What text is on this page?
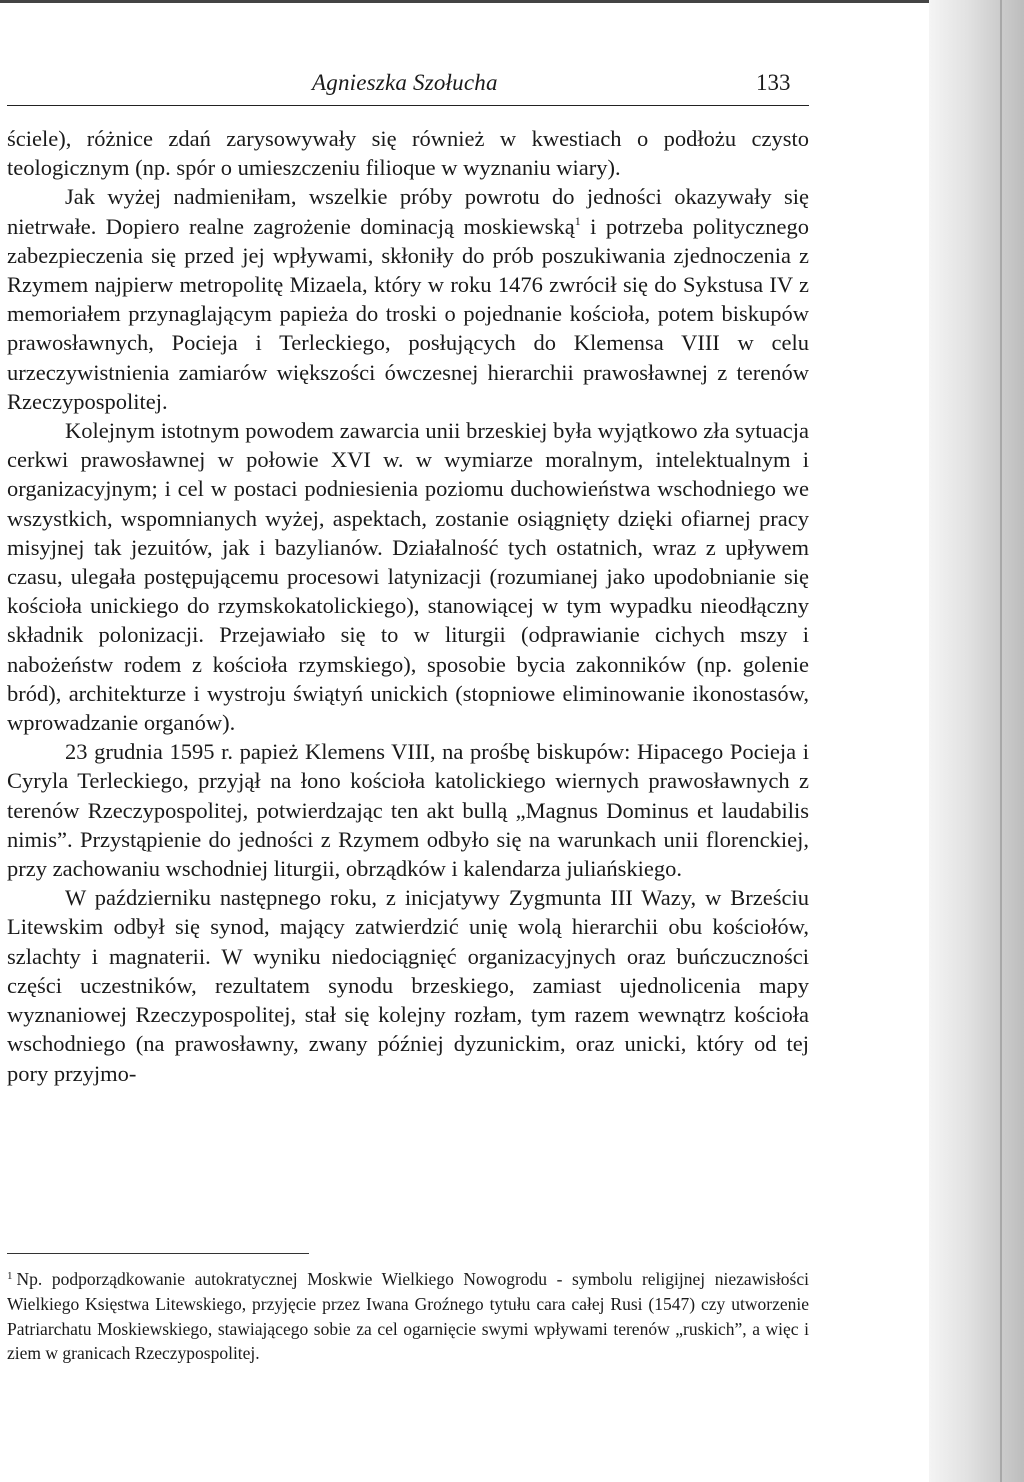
Agnieszka Szołucha	133

ściele), różnice zdań zarysowywały się również w kwestiach o podłożu czysto teologicznym (np. spór o umieszczeniu filioque w wyznaniu wiary).

Jak wyżej nadmieniłam, wszelkie próby powrotu do jedności okazywały się nietrwałe. Dopiero realne zagrożenie dominacją moskiewską$^1$ i potrzeba politycznego zabezpieczenia się przed jej wpływami, skłoniły do prób poszukiwania zjednoczenia z Rzymem najpierw metropolitę Mizaela, który w roku 1476 zwrócił się do Sykstusa IV z memoriałem przynaglającym papieża do troski o pojednanie kościoła, potem biskupów prawosławnych, Pocieja i Terleckiego, posłujących do Klemensa VIII w celu urzeczywistnienia zamiarów większości ówczesnej hierarchii prawosławnej z terenów Rzeczypospolitej.

Kolejnym istotnym powodem zawarcia unii brzeskiej była wyjątkowo zła sytuacja cerkwi prawosławnej w połowie XVI w. w wymiarze moralnym, intelektualnym i organizacyjnym; i cel w postaci podniesienia poziomu duchowieństwa wschodniego we wszystkich, wspomnianych wyżej, aspektach, zostanie osiągnięty dzięki ofiarnej pracy misyjnej tak jezuitów, jak i bazylianów. Działalność tych ostatnich, wraz z upływem czasu, ulegała postępującemu procesowi latynizacji (rozumianej jako upodobnianie się kościoła unickiego do rzymskokatolickiego), stanowiącej w tym wypadku nieodłączny składnik polonizacji. Przejawiało się to w liturgii (odprawianie cichych mszy i nabożeństw rodem z kościoła rzymskiego), sposobie bycia zakonników (np. golenie bród), architekturze i wystroju świątyń unickich (stopniowe eliminowanie ikonostasów, wprowadzanie organów).

23 grudnia 1595 r. papież Klemens VIII, na prośbę biskupów: Hipacego Pocieja i Cyryla Terleckiego, przyjął na łono kościoła katolickiego wiernych prawosławnych z terenów Rzeczypospolitej, potwierdzając ten akt bullą „Magnus Dominus et laudabilis nimis”. Przystąpienie do jedności z Rzymem odbyło się na warunkach unii florenckiej, przy zachowaniu wschodniej liturgii, obrządków i kalendarza juliańskiego.

W październiku następnego roku, z inicjatywy Zygmunta III Wazy, w Brześciu Litewskim odbył się synod, mający zatwierdzić unię wolą hierarchii obu kościołów, szlachty i magnaterii. W wyniku niedociągnięć organizacyjnych oraz buńczuczności części uczestników, rezultatem synodu brzeskiego, zamiast ujednolicenia mapy wyznaniowej Rzeczypospolitej, stał się kolejny rozłam, tym razem wewnątrz kościoła wschodniego (na prawosławny, zwany później dyzunickim, oraz unicki, który od tej pory przyjmo-

$^1$ Np. podporządkowanie autokratycznej Moskwie Wielkiego Nowogrodu - symbolu religijnej niezawisłości Wielkiego Księstwa Litewskiego, przyjęcie przez Iwana Groźnego tytułu cara całej Rusi (1547) czy utworzenie Patriarchatu Moskiewskiego, stawiającego sobie za cel ogarnięcie swymi wpływami terenów „ruskich”, a więc i ziem w granicach Rzeczypospolitej.
